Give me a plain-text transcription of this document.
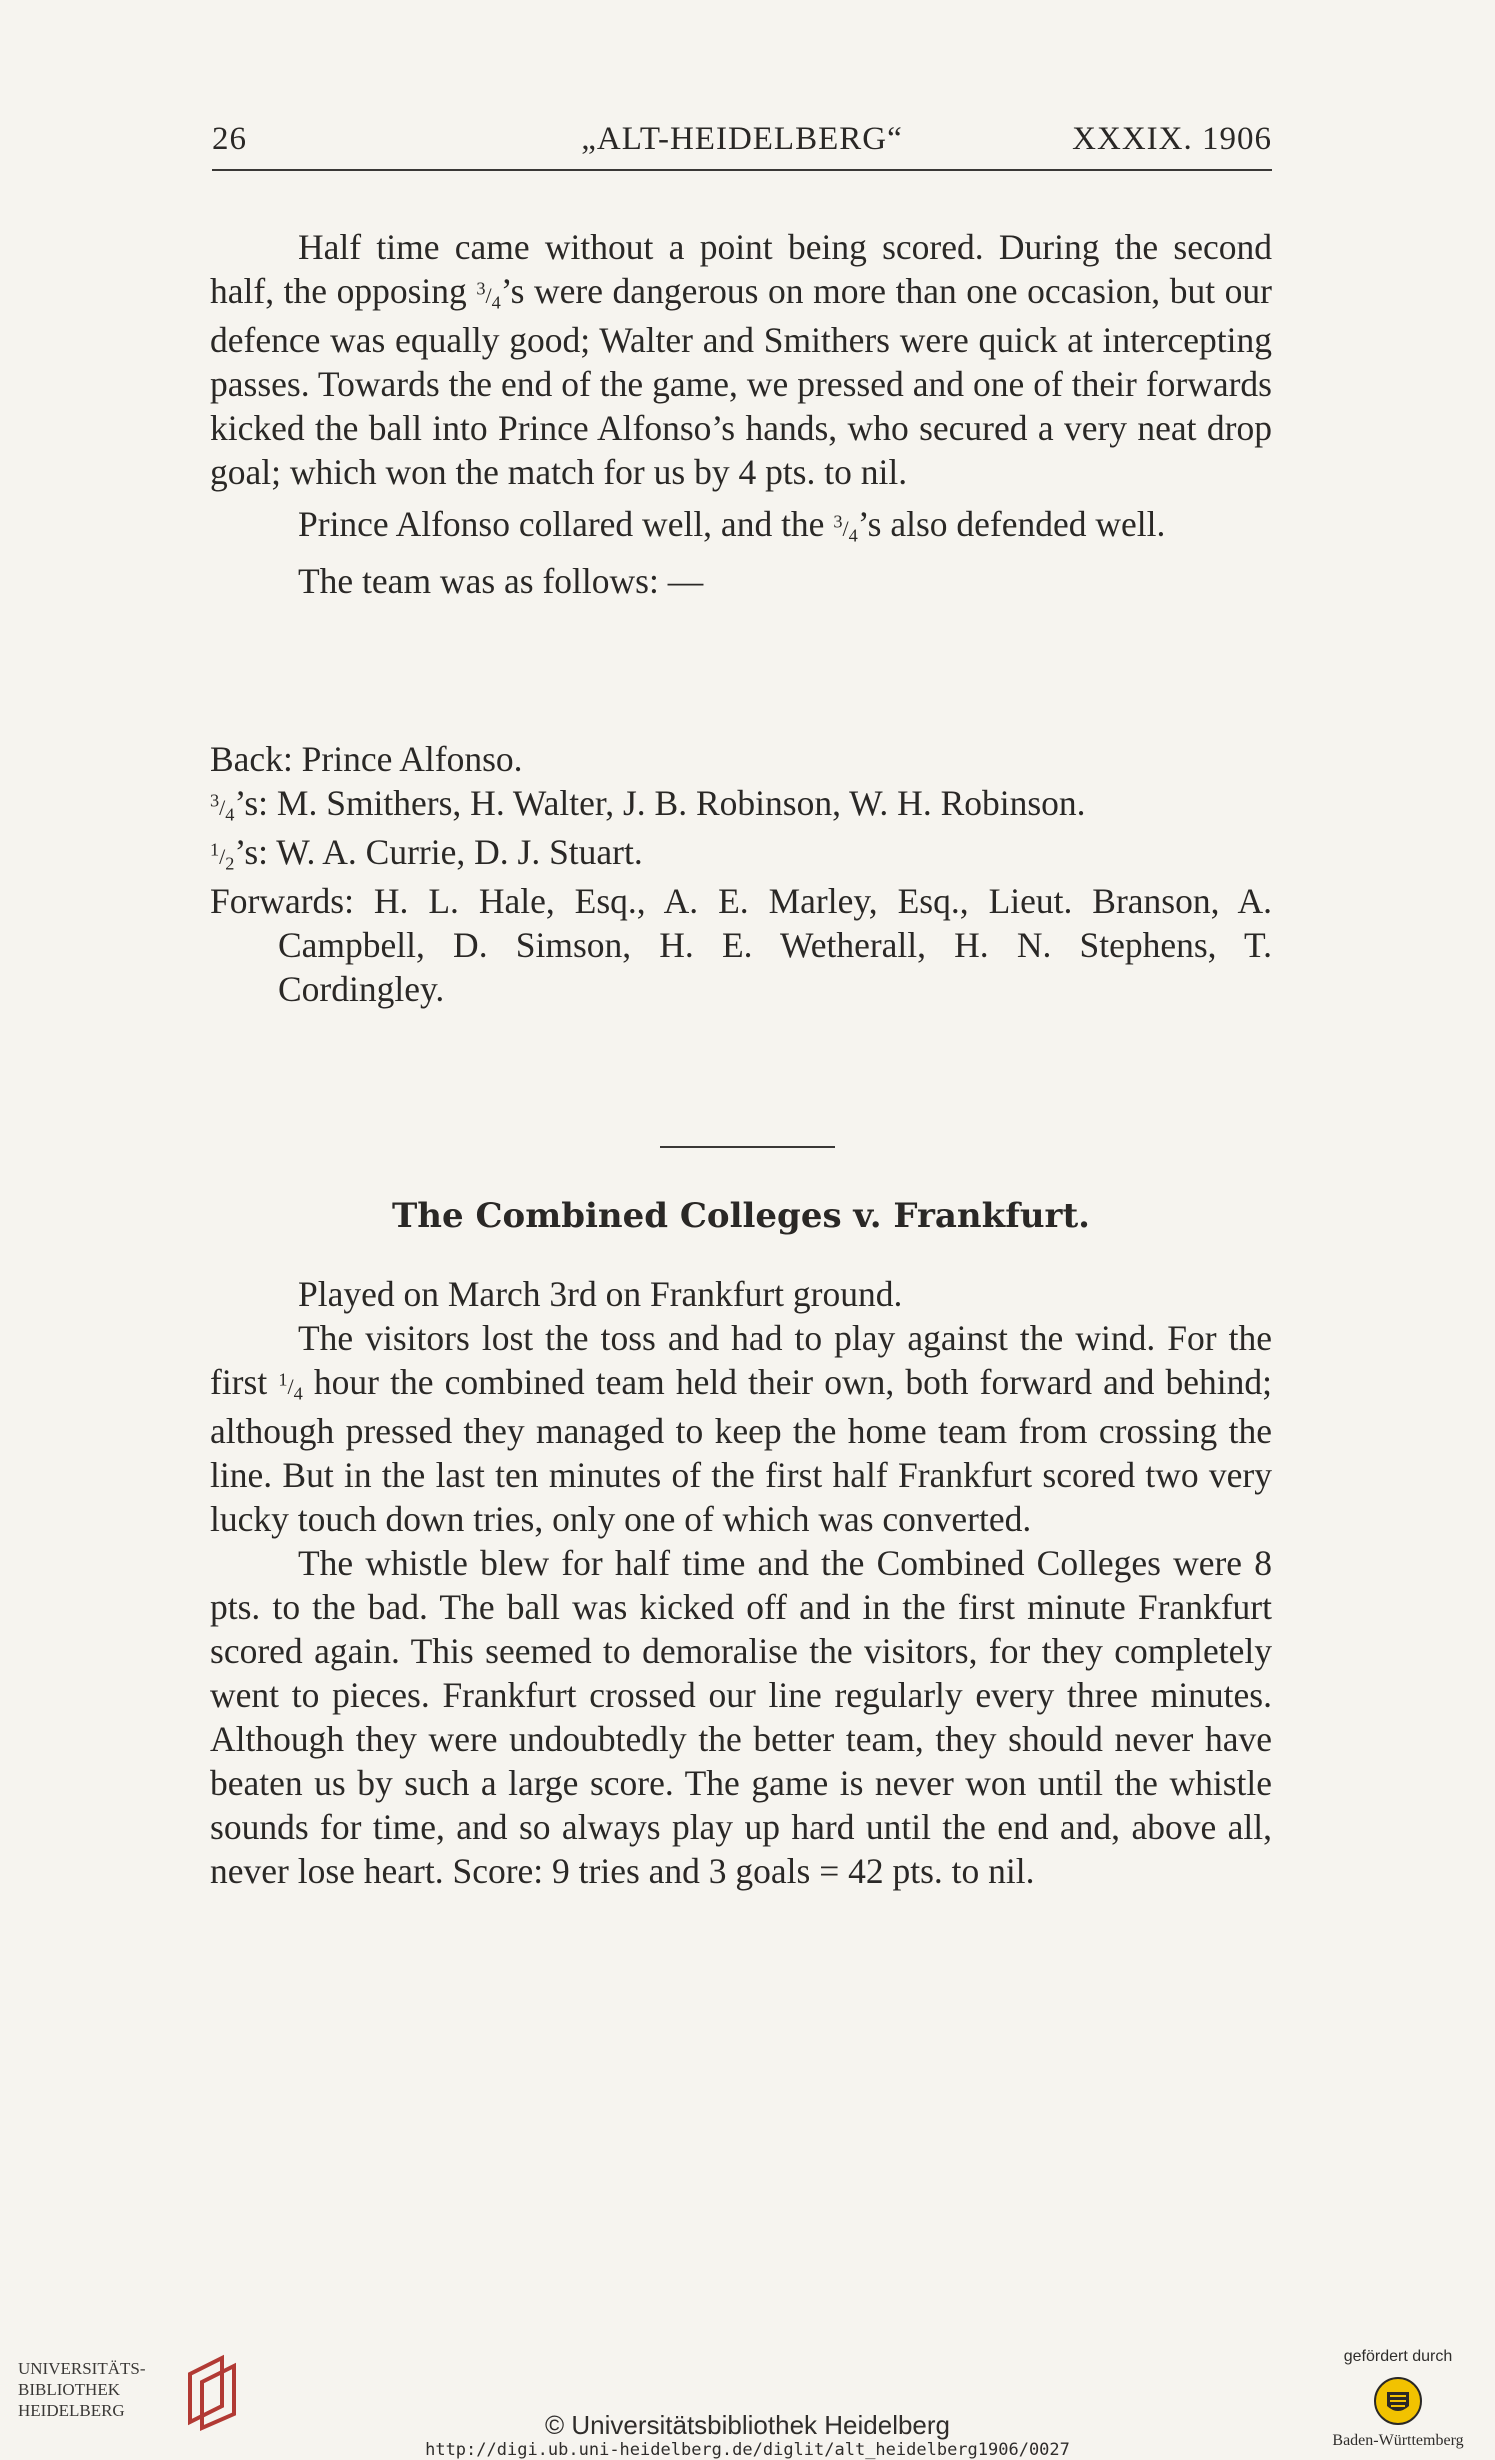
26	„ALT-HEIDELBERG“	XXXIX. 1906

Half time came without a point being scored. During the second half, the opposing $^3/_4’s$ were dangerous on more than one occasion, but our defence was equally good; Walter and Smithers were quick at intercepting passes. Towards the end of the game, we pressed and one of their forwards kicked the ball into Prince Alfonso’s hands, who secured a very neat drop goal; which won the match for us by 4 pts. to nil.

Prince Alfonso collared well, and the $^3/_4’s$ also defended well.

The team was as follows: —

Back: Prince Alfonso.
$^3/_4’s$: M. Smithers, H. Walter, J. B. Robinson, W. H. Robinson.
$^1/_2’s$: W. A. Currie, D. J. Stuart.
Forwards: H. L. Hale, Esq., A. E. Marley, Esq., Lieut. Branson, A. Campbell, D. Simson, H. E. Wetherall, H. N. Stephens, T. Cordingley.
The Combined Colleges v. Frankfurt.

Played on March 3rd on Frankfurt ground.

The visitors lost the toss and had to play against the wind. For the first $^1/_4$ hour the combined team held their own, both forward and behind; although pressed they managed to keep the home team from crossing the line. But in the last ten minutes of the first half Frankfurt scored two very lucky touch down tries, only one of which was converted.

The whistle blew for half time and the Combined Colleges were 8 pts. to the bad. The ball was kicked off and in the first minute Frankfurt scored again. This seemed to demoralise the visitors, for they completely went to pieces. Frankfurt crossed our line regularly every three minutes. Although they were undoubtedly the better team, they should never have beaten us by such a large score. The game is never won until the whistle sounds for time, and so always play up hard until the end and, above all, never lose heart. Score: 9 tries and 3 goals = 42 pts. to nil.

UNIVERSITÄTS-
BIBLIOTHEK
HEIDELBERG	© Universitätsbibliothek Heidelberg
http://digi.ub.uni-heidelberg.de/diglit/alt_heidelberg1906/0027
gefördert durch
Baden-Württemberg
